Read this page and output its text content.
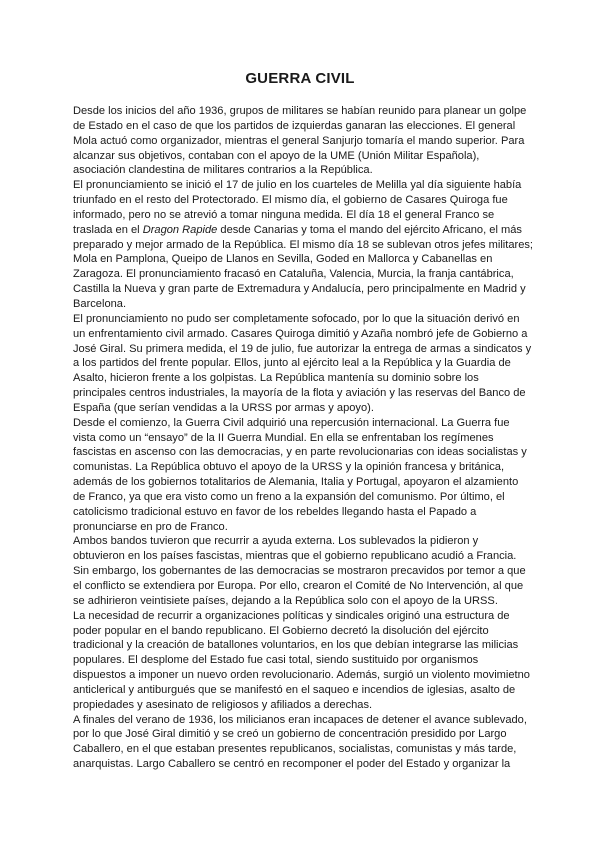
GUERRA CIVIL

Desde los inicios del año 1936, grupos de militares se habían reunido para planear un golpe de Estado en el caso de que los partidos de izquierdas ganaran las elecciones. El general Mola actuó como organizador, mientras el general Sanjurjo tomaría el mando superior. Para alcanzar sus objetivos, contaban con el apoyo de la UME (Unión Militar Española), asociación clandestina de militares contrarios a la República.

El pronunciamiento se inició el 17 de julio en los cuarteles de Melilla yal día siguiente había triunfado en el resto del Protectorado. El mismo día, el gobierno de Casares Quiroga fue informado, pero no se atrevió a tomar ninguna medida. El día 18 el general Franco se trasladа en el Dragon Rapide desde Canarias y toma el mando del ejército Africano, el más preparado y mejor armado de la República. El mismo día 18 se sublevan otros jefes militares; Mola en Pamplona, Queipo de Llanos en Sevilla, Goded en Mallorca y Cabanellas en Zaragoza. El pronunciamiento fracasó en Cataluña, Valencia, Murcia, la franja cantábrica, Castilla la Nueva y gran parte de Extremadura y Andalucía, pero principalmente en Madrid y Barcelona.

El pronunciamiento no pudo ser completamente sofocado, por lo que la situación derivó en un enfrentamiento civil armado. Casares Quiroga dimitió y Azaña nombró jefe de Gobierno a José Giral. Su primera medida, el 19 de julio, fue autorizar la entrega de armas a sindicatos y a los partidos del frente popular. Ellos, junto al ejército leal a la República y la Guardia de Asalto, hicieron frente a los golpistas. La República mantenía su dominio sobre los principales centros industriales, la mayoría de la flota y aviación y las reservas del Banco de España (que serían vendidas a la URSS por armas y apoyo).

Desde el comienzo, la Guerra Civil adquirió una repercusión internacional. La Guerra fue vista como un “ensayo” de la II Guerra Mundial. En ella se enfrentaban los regímenes fascistas en ascenso con las democracias, y en parte revolucionarias con ideas socialistas y comunistas. La República obtuvo el apoyo de la URSS y la opinión francesa y británica, además de los gobiernos totalitarios de Alemania, Italia y Portugal, apoyaron el alzamiento de Franco, ya que era visto como un freno a la expansión del comunismo. Por último, el catolicismo tradicional estuvo en favor de los rebeldes llegando hasta el Papado a pronunciarse en pro de Franco.

Ambos bandos tuvieron que recurrir a ayuda externa. Los sublevados la pidieron y obtuvieron en los países fascistas, mientras que el gobierno republicano acudió a Francia. Sin embargo, los gobernantes de las democracias se mostraron precavidos por temor a que el conflicto se extendiera por Europa. Por ello, crearon el Comité de No Intervención, al que se adhirieron veintisiete países, dejando a la República solo con el apoyo de la URSS.

La necesidad de recurrir a organizaciones políticas y sindicales originó una estructura de poder popular en el bando republicano. El Gobierno decretó la disolución del ejército tradicional y la creación de batallones voluntarios, en los que debían integrarse las milicias populares. El desplome del Estado fue casi total, siendo sustituido por organismos dispuestos a imponer un nuevo orden revolucionario. Además, surgió un violento movimietno anticlerical y antiburgués que se manifestó en el saqueo e incendios de iglesias, asalto de propiedades y asesinato de religiosos y afiliados a derechas.

A finales del verano de 1936, los milicianos eran incapaces de detener el avance sublevado, por lo que José Giral dimitió y se creó un gobierno de concentración presidido por Largo Caballero, en el que estaban presentes republicanos, socialistas, comunistas y más tarde, anarquistas. Largo Caballero se centró en recomponer el poder del Estado y organizar la
